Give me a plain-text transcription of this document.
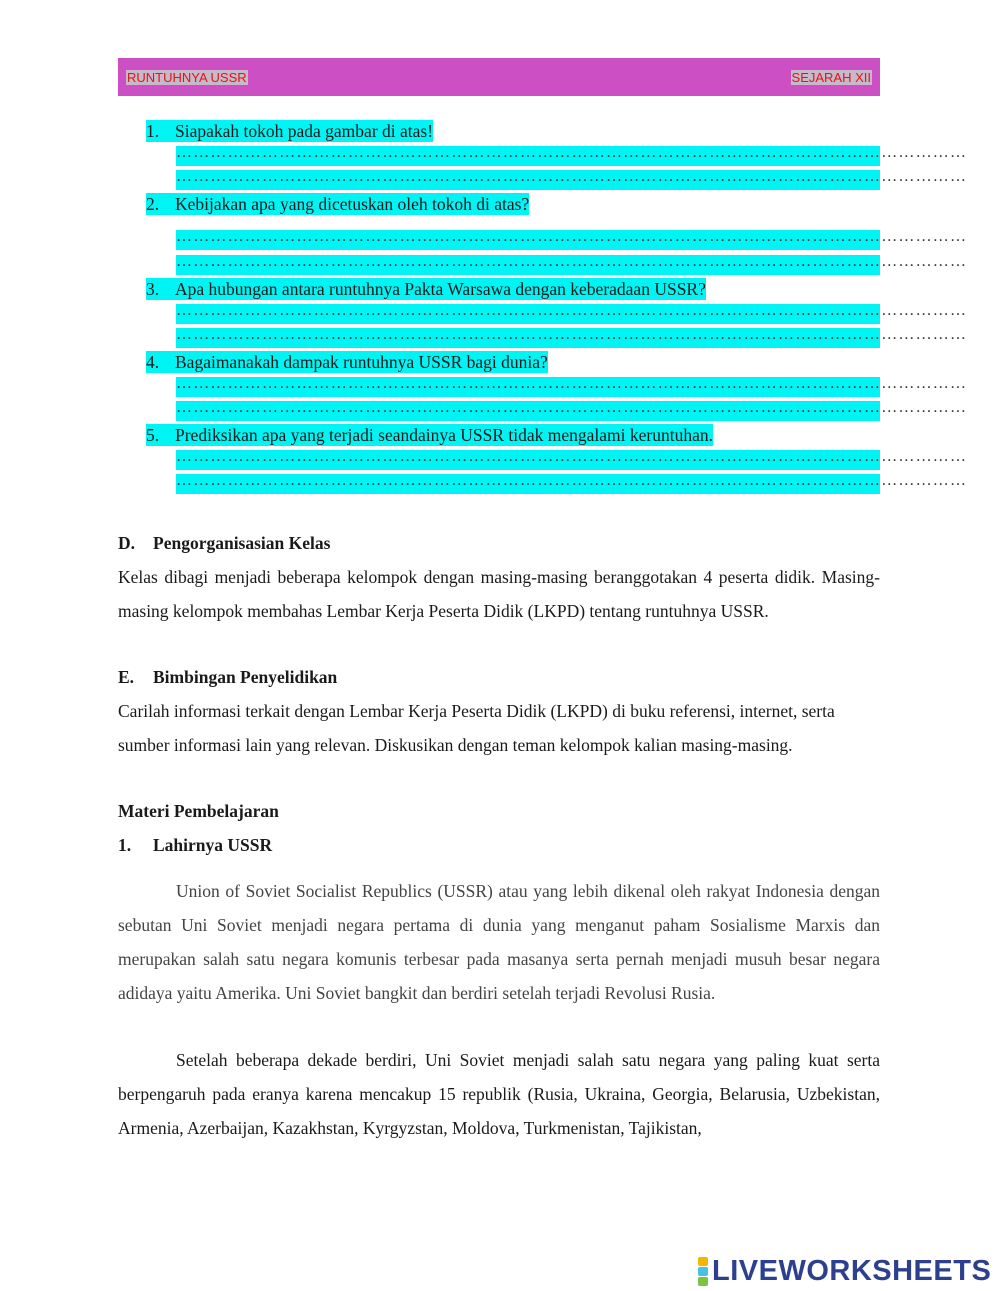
RUNTUHNYA USSR	SEJARAH XII
1. Siapakah tokoh pada gambar di atas!
…………………………………………………………………………………………………………………………
…………………………………………………………………………………………………………………………
2. Kebijakan apa yang dicetuskan oleh tokoh di atas?
…………………………………………………………………………………………………………………………
…………………………………………………………………………………………………………………………
3. Apa hubungan antara runtuhnya Pakta Warsawa dengan keberadaan USSR?
…………………………………………………………………………………………………………………………
…………………………………………………………………………………………………………………………
4. Bagaimanakah dampak runtuhnya USSR bagi dunia?
…………………………………………………………………………………………………………………………
…………………………………………………………………………………………………………………………
5. Prediksikan apa yang terjadi seandainya USSR tidak mengalami keruntuhan.
…………………………………………………………………………………………………………………………
…………………………………………………………………………………………………………………………
D. Pengorganisasian Kelas
Kelas dibagi menjadi beberapa kelompok dengan masing-masing beranggotakan 4 peserta didik. Masing-masing kelompok membahas Lembar Kerja Peserta Didik (LKPD) tentang runtuhnya USSR.
E. Bimbingan Penyelidikan
Carilah informasi terkait dengan Lembar Kerja Peserta Didik (LKPD) di buku referensi, internet, serta sumber informasi lain yang relevan. Diskusikan dengan teman kelompok kalian masing-masing.
Materi Pembelajaran
1. Lahirnya USSR
Union of Soviet Socialist Republics (USSR) atau yang lebih dikenal oleh rakyat Indonesia dengan sebutan Uni Soviet menjadi negara pertama di dunia yang menganut paham Sosialisme Marxis dan merupakan salah satu negara komunis terbesar pada masanya serta pernah menjadi musuh besar negara adidaya yaitu Amerika. Uni Soviet bangkit dan berdiri setelah terjadi Revolusi Rusia.
Setelah beberapa dekade berdiri, Uni Soviet menjadi salah satu negara yang paling kuat serta berpengaruh pada eranya karena mencakup 15 republik (Rusia, Ukraina, Georgia, Belarusia, Uzbekistan, Armenia, Azerbaijan, Kazakhstan, Kyrgyzstan, Moldova, Turkmenistan, Tajikistan,
LIVEWORKSHEETS
